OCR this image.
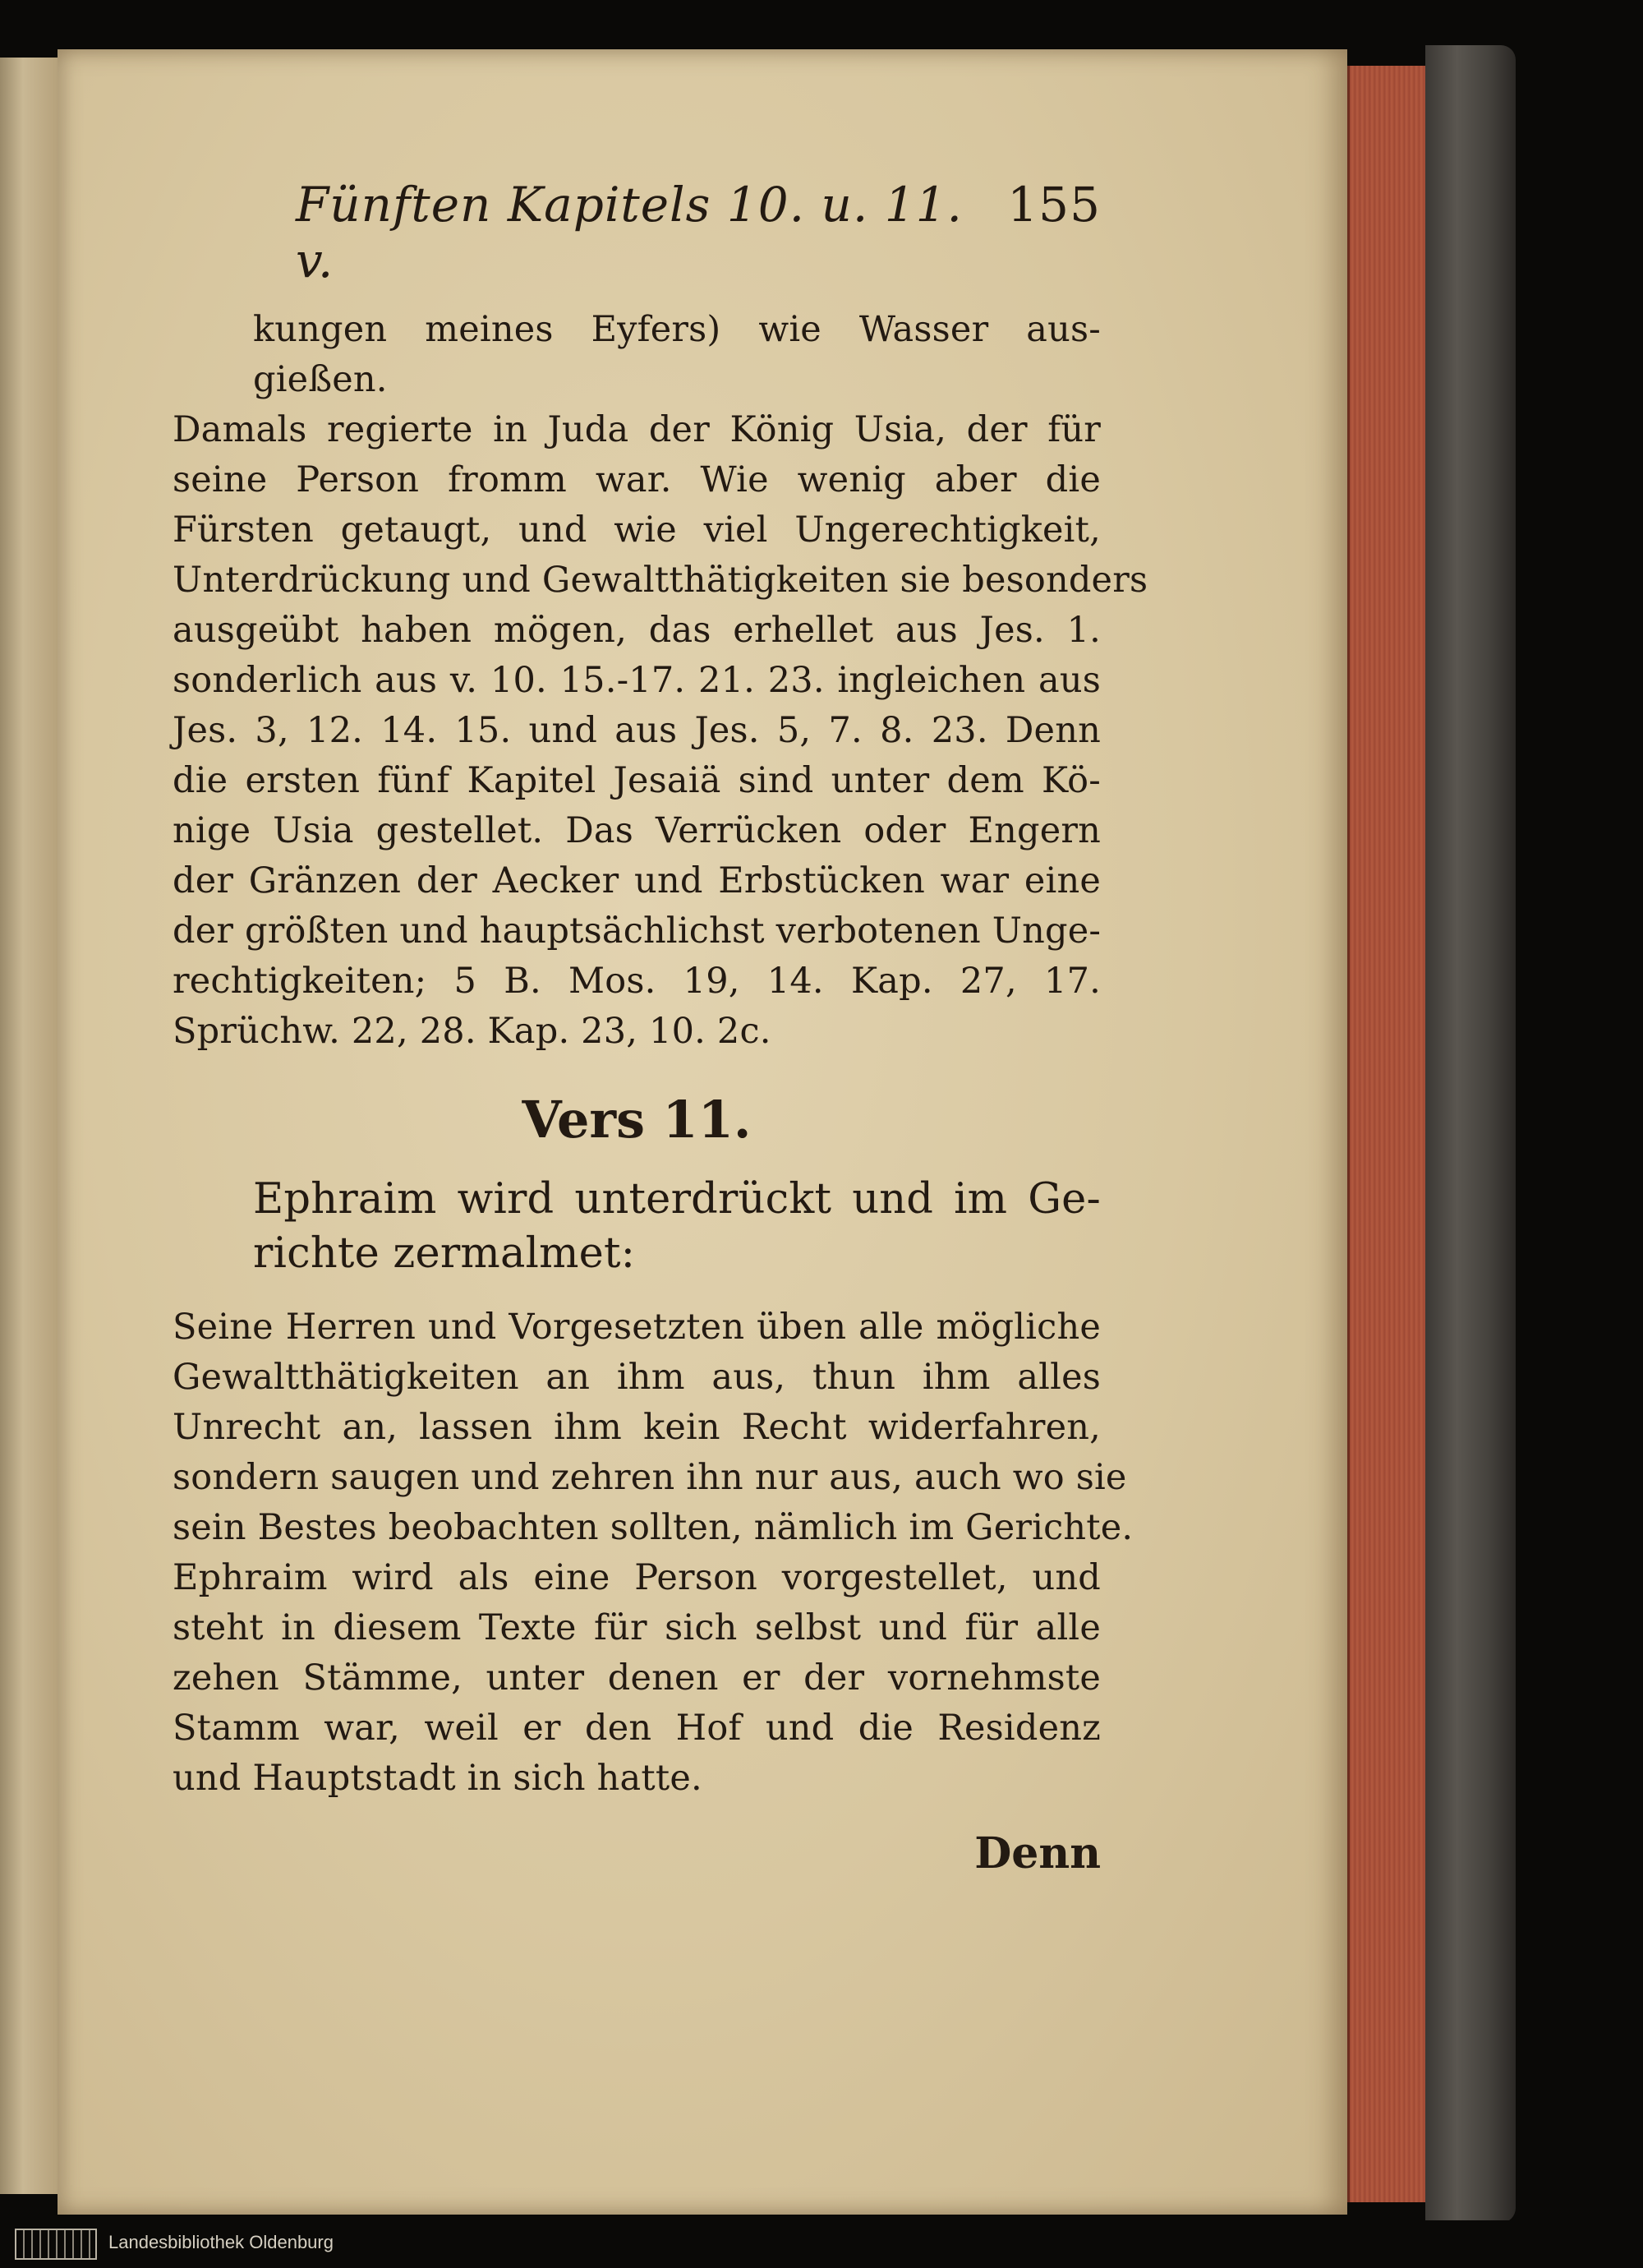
Fünften Kapitels 10. u. 11. v.
155
kungen meines Eyfers) wie Wasser aus-
gießen.
Damals regierte in Juda der König Usia, der für
seine Person fromm war. Wie wenig aber die
Fürsten getaugt, und wie viel Ungerechtigkeit,
Unterdrückung und Gewaltthätigkeiten sie besonders
ausgeübt haben mögen, das erhellet aus Jes. 1.
sonderlich aus v. 10. 15.-17. 21. 23. ingleichen aus
Jes. 3, 12. 14. 15. und aus Jes. 5, 7. 8. 23. Denn
die ersten fünf Kapitel Jesaiä sind unter dem Kö-
nige Usia gestellet. Das Verrücken oder Engern
der Gränzen der Aecker und Erbstücken war eine
der größten und hauptsächlichst verbotenen Unge-
rechtigkeiten; 5 B. Mos. 19, 14. Kap. 27, 17.
Sprüchw. 22, 28. Kap. 23, 10. 2c.
Vers 11.
Ephraim wird unterdrückt und im Ge-
richte zermalmet:
Seine Herren und Vorgesetzten üben alle mögliche
Gewaltthätigkeiten an ihm aus, thun ihm alles
Unrecht an, lassen ihm kein Recht widerfahren,
sondern saugen und zehren ihn nur aus, auch wo sie
sein Bestes beobachten sollten, nämlich im Gerichte.
Ephraim wird als eine Person vorgestellet, und
steht in diesem Texte für sich selbst und für alle
zehen Stämme, unter denen er der vornehmste
Stamm war, weil er den Hof und die Residenz
und Hauptstadt in sich hatte.
Denn
Landesbibliothek Oldenburg
